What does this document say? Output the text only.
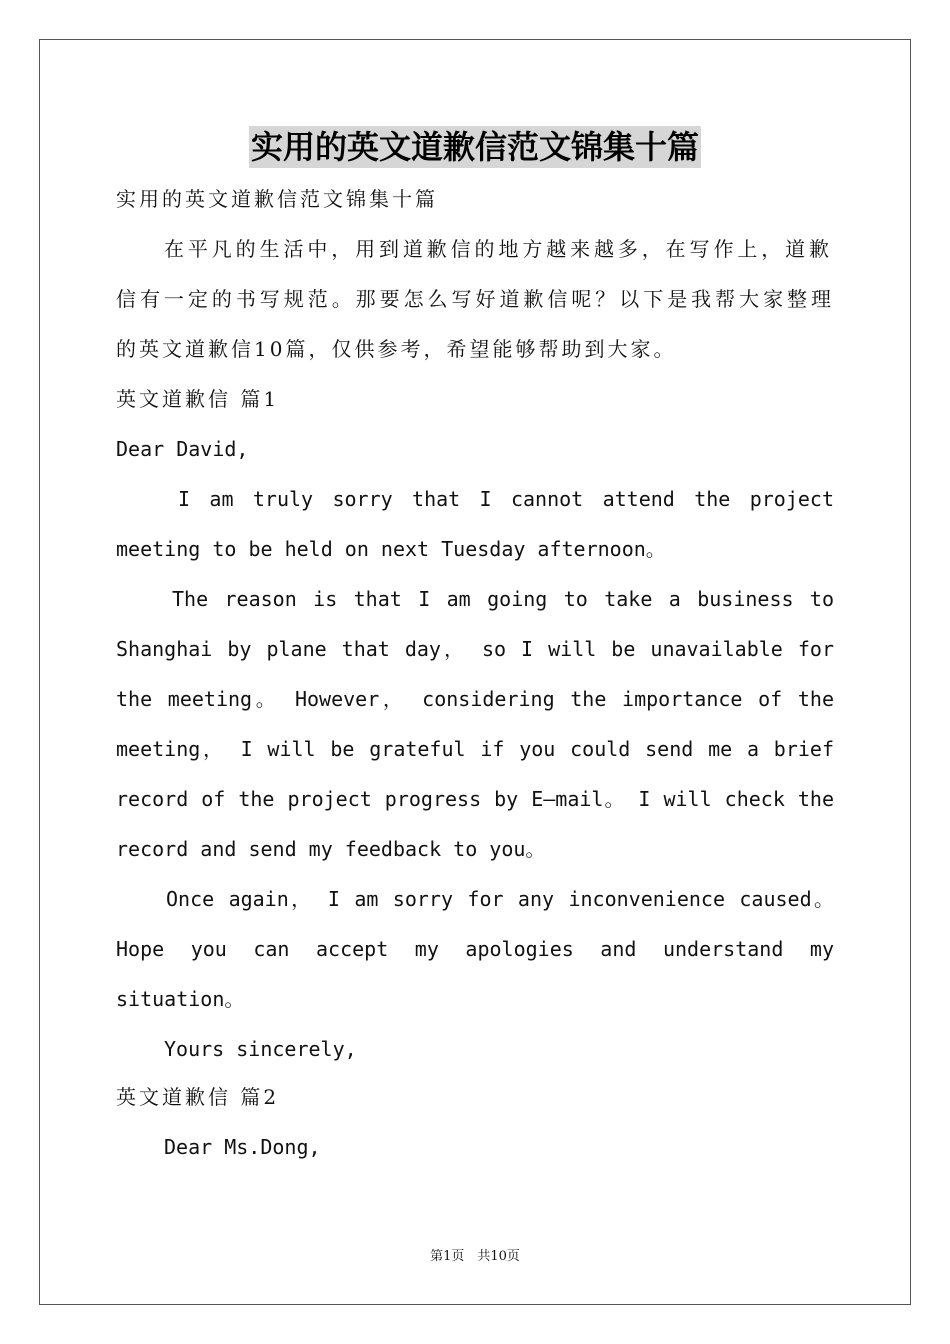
实用的英文道歉信范文锦集十篇
实用的英文道歉信范文锦集十篇
在平凡的生活中，用到道歉信的地方越来越多，在写作上，道歉
信有一定的书写规范。那要怎么写好道歉信呢？以下是我帮大家整理
的英文道歉信10篇，仅供参考，希望能够帮助到大家。
英文道歉信 篇1
Dear David,
I am truly sorry that I cannot attend the project
meeting to be held on next Tuesday afternoon。
The reason is that I am going to take a business to
Shanghai by plane that day， so I will be unavailable for
the meeting。 However， considering the importance of the
meeting， I will be grateful if you could send me a brief
record of the project progress by E—mail。 I will check the
record and send my feedback to you。
Once again， I am sorry for any inconvenience caused。
Hope you can accept my apologies and understand my
situation。
Yours sincerely,
英文道歉信 篇2
Dear Ms.Dong,
第1页　共10页
